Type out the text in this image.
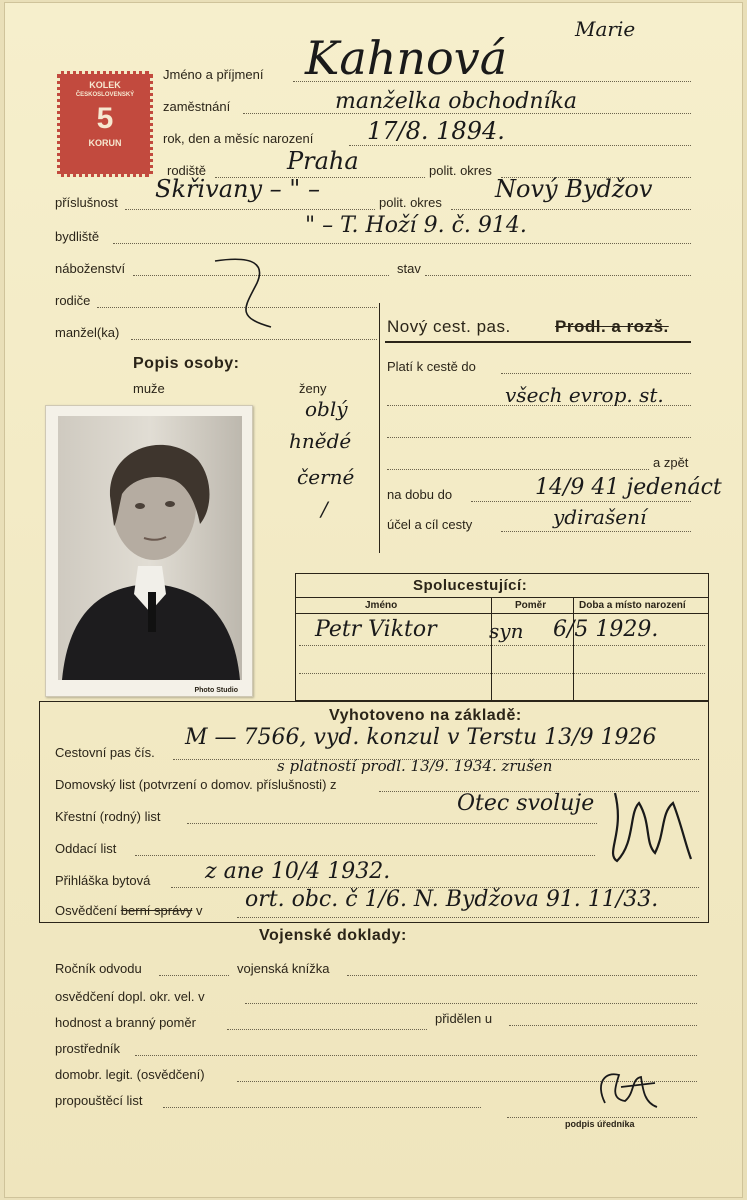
KOLEK
ČESKOSLOVENSKÝ
5
KORUN
Marie
Jméno a příjmení Kahnová
zaměstnání	manželka obchodníka
rok, den a měsíc narození 17/8. 1894.
rodiště	Praha	polit. okres
příslušnost Skřivany – " –	polit. okres Nový Bydžov
bydliště	" – T. Hoží 9. č. 914.
náboženství	stav
rodiče
manžel(ka)	Nový cest. pas.	Prodl. a rozš.
Platí k cestě do
všech evrop. st.
a zpět
na dobu do	14/9 41 jedenáct
účel a cíl cesty	ydirašení
Popis osoby:
muže	ženy
oblý
hnědé
černé
/
Photo Studio
Spolucestující:
Jméno	Poměr	Doba a místo narození
Petr Viktor	syn 6/5 1929.
Vyhotoveno na základě:
Cestovní pas čís.
M — 7566, vyd. konzul v Terstu 13/9 1926
s platností prodl. 13/9. 1934. zrušen
Domovský list (potvrzení o domov. příslušnosti) z
Otec svoluje
Křestní (rodný) list
Oddací list
Přihláška bytová z ane 10/4 1932.
Osvědčení berní správy v ort. obc. č 1/6. N. Bydžova 91. 11/33.
Vojenské doklady:
Ročník odvodu	vojenská knížka
osvědčení dopl. okr. vel. v
hodnost a branný poměr	přidělen u
prostředník
domobr. legit. (osvědčení)
propouštěcí list
podpis úředníka
